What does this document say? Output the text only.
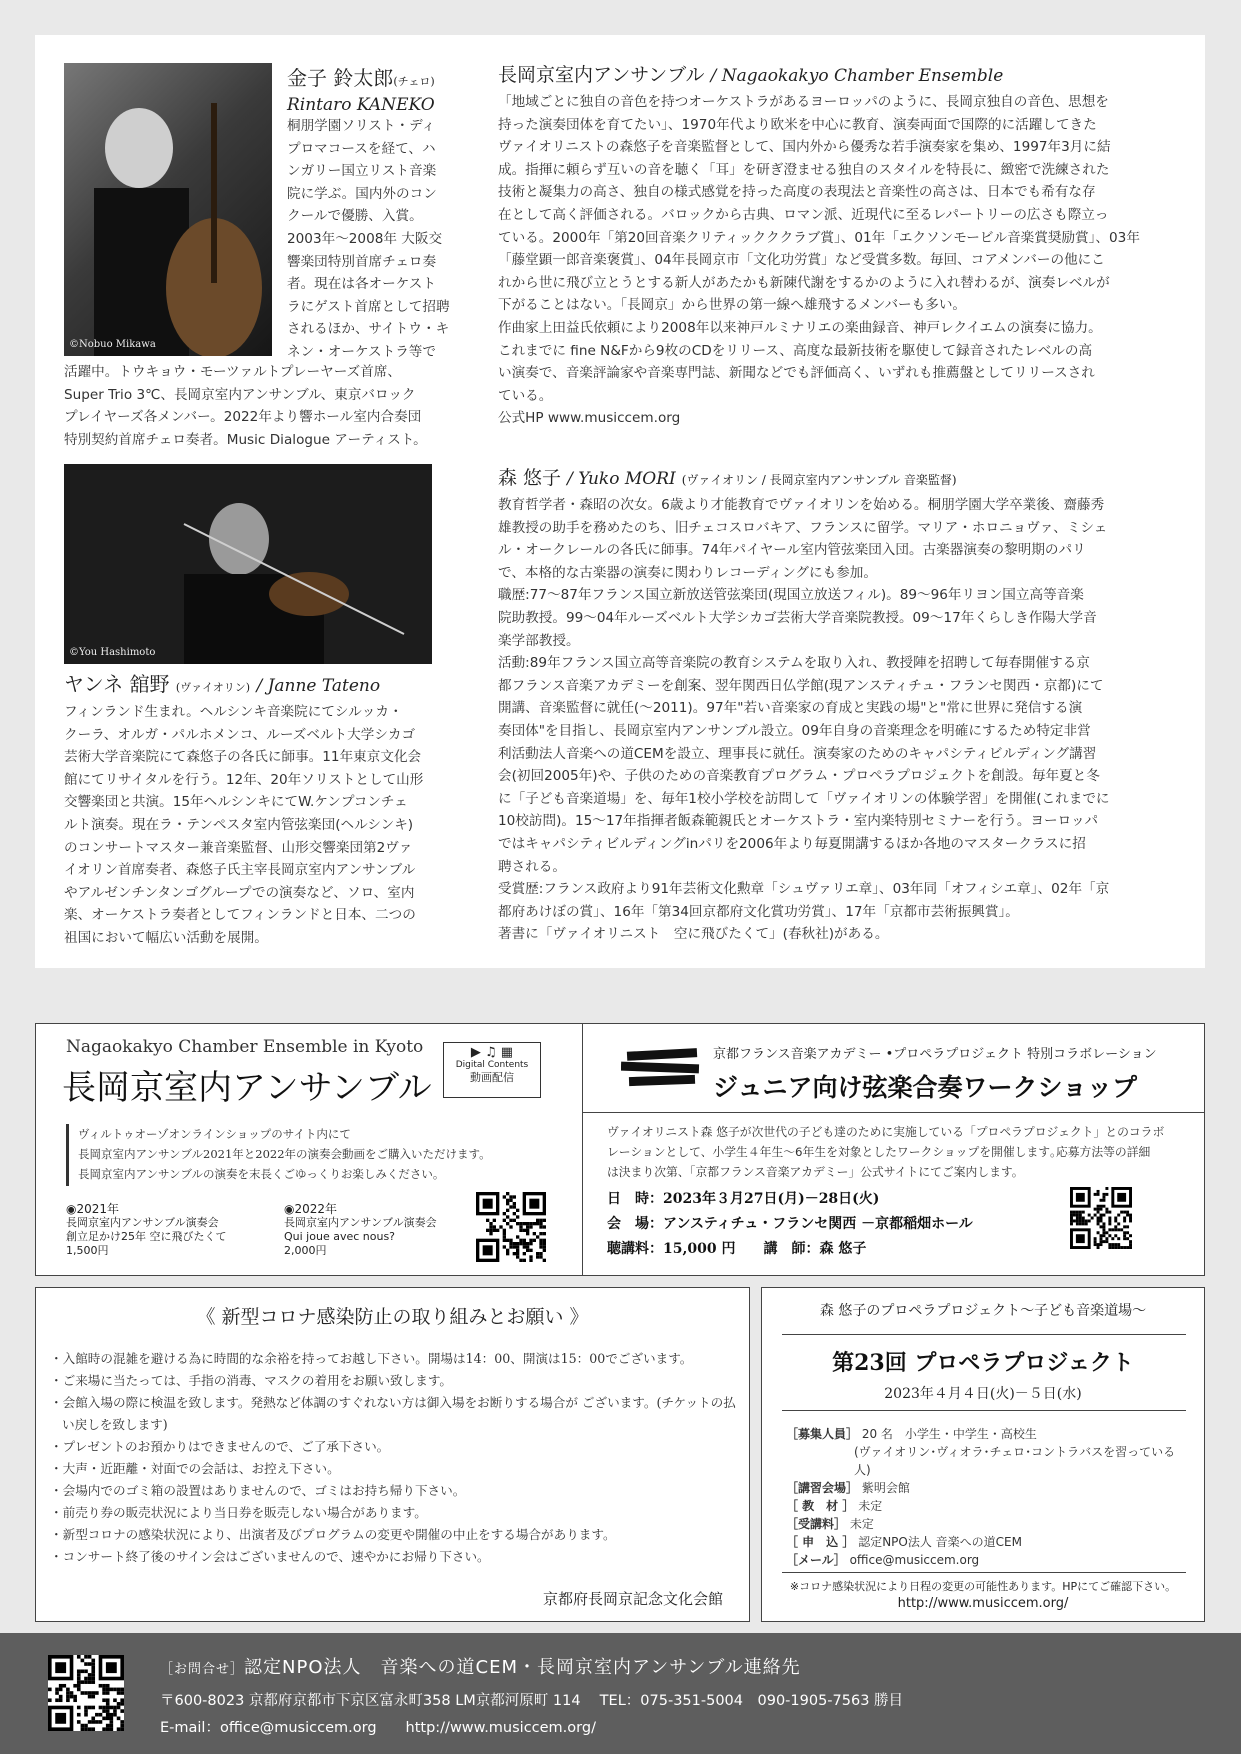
©Nobuo Mikawa
金子 鈴太郎(チェロ)
Rintaro KANEKO

桐朋学園ソリスト・ディ

プロマコースを経て、ハ

ンガリー国立リスト音楽

院に学ぶ。国内外のコン

クールで優勝、入賞。

2003年～2008年 大阪交

響楽団特別首席チェロ奏

者。現在は各オーケスト

ラにゲスト首席として招聘

されるほか、サイトウ・キ

ネン・オーケストラ等で

活躍中。トウキョウ・モーツァルトプレーヤーズ首席、

Super Trio 3℃、長岡京室内アンサンブル、東京バロック

プレイヤーズ各メンバー。2022年より響ホール室内合奏団

特別契約首席チェロ奏者。Music Dialogue アーティスト。

©You Hashimoto
ヤンネ 舘野 (ヴァイオリン) / Janne Tateno

フィンランド生まれ。ヘルシンキ音楽院にてシルッカ・

クーラ、オルガ・パルホメンコ、ルーズベルト大学シカゴ

芸術大学音楽院にて森悠子の各氏に師事。11年東京文化会

館にてリサイタルを行う。12年、20年ソリストとして山形

交響楽団と共演。15年ヘルシンキにてW.ケンプコンチェ

ルト演奏。現在ラ・テンペスタ室内管弦楽団(ヘルシンキ)

のコンサートマスター兼音楽監督、山形交響楽団第2ヴァ

イオリン首席奏者、森悠子氏主宰長岡京室内アンサンブル

やアルゼンチンタンゴグループでの演奏など、ソロ、室内

楽、オーケストラ奏者としてフィンランドと日本、二つの

祖国において幅広い活動を展開。

長岡京室内アンサンブル / Nagaokakyo Chamber Ensemble

「地域ごとに独自の音色を持つオーケストラがあるヨーロッパのように、長岡京独自の音色、思想を

持った演奏団体を育てたい」、1970年代より欧米を中心に教育、演奏両面で国際的に活躍してきた

ヴァイオリニストの森悠子を音楽監督として、国内外から優秀な若手演奏家を集め、1997年3月に結

成。指揮に頼らず互いの音を聴く「耳」を研ぎ澄ませる独自のスタイルを特長に、緻密で洗練された

技術と凝集力の高さ、独自の様式感覚を持った高度の表現法と音楽性の高さは、日本でも希有な存

在として高く評価される。バロックから古典、ロマン派、近現代に至るレパートリーの広さも際立っ

ている。2000年「第20回音楽クリティックククラブ賞」、01年「エクソンモービル音楽賞奨励賞」、03年

「藤堂顕一郎音楽褒賞」、04年長岡京市「文化功労賞」など受賞多数。毎回、コアメンバーの他にこ

れから世に飛び立とうとする新人があたかも新陳代謝をするかのように入れ替わるが、演奏レベルが

下がることはない。「長岡京」から世界の第一線へ雄飛するメンバーも多い。

作曲家上田益氏依頼により2008年以来神戸ルミナリエの楽曲録音、神戸レクイエムの演奏に協力。

これまでに fine N&Fから9枚のCDをリリース、高度な最新技術を駆使して録音されたレベルの高

い演奏で、音楽評論家や音楽専門誌、新聞などでも評価高く、いずれも推薦盤としてリリースされ

ている。

公式HP www.musiccem.org

森 悠子 / Yuko MORI (ヴァイオリン / 長岡京室内アンサンブル 音楽監督)

教育哲学者・森昭の次女。6歳より才能教育でヴァイオリンを始める。桐朋学園大学卒業後、齋藤秀

雄教授の助手を務めたのち、旧チェコスロバキア、フランスに留学。マリア・ホロニョヴァ、ミシェ

ル・オークレールの各氏に師事。74年パイヤール室内管弦楽団入団。古楽器演奏の黎明期のパリ

で、本格的な古楽器の演奏に関わりレコーディングにも参加。

職歴:77～87年フランス国立新放送管弦楽団(現国立放送フィル)。89～96年リヨン国立高等音楽

院助教授。99～04年ルーズベルト大学シカゴ芸術大学音楽院教授。09～17年くらしき作陽大学音

楽学部教授。

活動:89年フランス国立高等音楽院の教育システムを取り入れ、教授陣を招聘して毎春開催する京

都フランス音楽アカデミーを創案、翌年関西日仏学館(現アンスティチュ・フランセ関西・京都)にて

開講、音楽監督に就任(～2011)。97年"若い音楽家の育成と実践の場"と"常に世界に発信する演

奏団体"を目指し、長岡京室内アンサンブル設立。09年自身の音楽理念を明確にするため特定非営

利活動法人音楽への道CEMを設立、理事長に就任。演奏家のためのキャパシティビルディング講習

会(初回2005年)や、子供のための音楽教育プログラム・プロペラプロジェクトを創設。毎年夏と冬

に「子ども音楽道場」を、毎年1校小学校を訪問して「ヴァイオリンの体験学習」を開催(これまでに

10校訪問)。15～17年指揮者飯森範親氏とオーケストラ・室内楽特別セミナーを行う。ヨーロッパ

ではキャパシティビルディングinパリを2006年より毎夏開講するほか各地のマスタークラスに招

聘される。

受賞歴:フランス政府より91年芸術文化勲章「シュヴァリエ章」、03年同「オフィシエ章」、02年「京

都府あけぼの賞」、16年「第34回京都府文化賞功労賞」、17年「京都市芸術振興賞」。

著書に「ヴァイオリニスト　空に飛びたくて」(春秋社)がある。

Nagaokakyo Chamber Ensemble in Kyoto
長岡京室内アンサンブル
▶ ♫ ▦
Digital Contents
動画配信
ヴィルトゥオーゾオンラインショップのサイト内にて
長岡京室内アンサンブル2021年と2022年の演奏会動画をご購入いただけます。
長岡京室内アンサンブルの演奏を末長くごゆっくりお楽しみください。
◉2021年
長岡京室内アンサンブル演奏会
創立足かけ25年 空に飛びたくて
1,500円
◉2022年
長岡京室内アンサンブル演奏会
Qui joue avec nous?
2,000円
京都フランス音楽アカデミー •プロペラプロジェクト 特別コラボレーション
ジュニア向け弦楽合奏ワークショップ
ヴァイオリニスト森 悠子が次世代の子ども達のために実施している「プロペラプロジェクト」とのコラボ
レーションとして、小学生４年生～6年生を対象としたワークショップを開催します｡応募方法等の詳細
は決まり次第、「京都フランス音楽アカデミー」公式サイトにてご案内します。
日　時：2023年３月27日(月)－28日(火)
会　場：アンスティチュ・フランセ関西 －京都稲畑ホール
聴講料：15,000 円　　 講　師：森 悠子
《 新型コロナ感染防止の取り組みとお願い 》
・入館時の混雑を避ける為に時間的な余裕を持ってお越し下さい。開場は14：00、開演は15：00でございます。
・ご来場に当たっては、手指の消毒、マスクの着用をお願い致します。
・会館入場の際に検温を致します。発熱など体調のすぐれない方は御入場をお断りする場合が ございます。(チケットの払い戻しを致します)
・プレゼントのお預かりはできませんので、ご了承下さい。
・大声・近距離・対面での会話は、お控え下さい。
・会場内でのゴミ箱の設置はありませんので、ゴミはお持ち帰り下さい。
・前売り券の販売状況により当日券を販売しない場合があります。
・新型コロナの感染状況により、出演者及びプログラムの変更や開催の中止をする場合があります。
・コンサート終了後のサイン会はございませんので、速やかにお帰り下さい。
京都府長岡京記念文化会館
森 悠子のプロペラプロジェクト～子ども音楽道場～
第23回 プロペラプロジェクト
2023年４月４日(火)－５日(水)
［募集人員］ 20 名　小学生・中学生・高校生
(ヴァイオリン･ヴィオラ･チェロ･コントラバスを習っている人)
［講習会場］ 紫明会館
［ 教　材 ］ 未定
［受講料］ 未定
［ 申　込 ］ 認定NPO法人 音楽への道CEM
［メール］ office@musiccem.org
※コロナ感染状況により日程の変更の可能性あります。HPにてご確認下さい。
http://www.musiccem.org/
［お問合せ］認定NPO法人　音楽への道CEM・長岡京室内アンサンブル連絡先
〒600-8023 京都府京都市下京区富永町358 LM京都河原町 114　 TEL：075-351-5004　090-1905-7563 勝目
E-mail：office@musiccem.org　　http://www.musiccem.org/
